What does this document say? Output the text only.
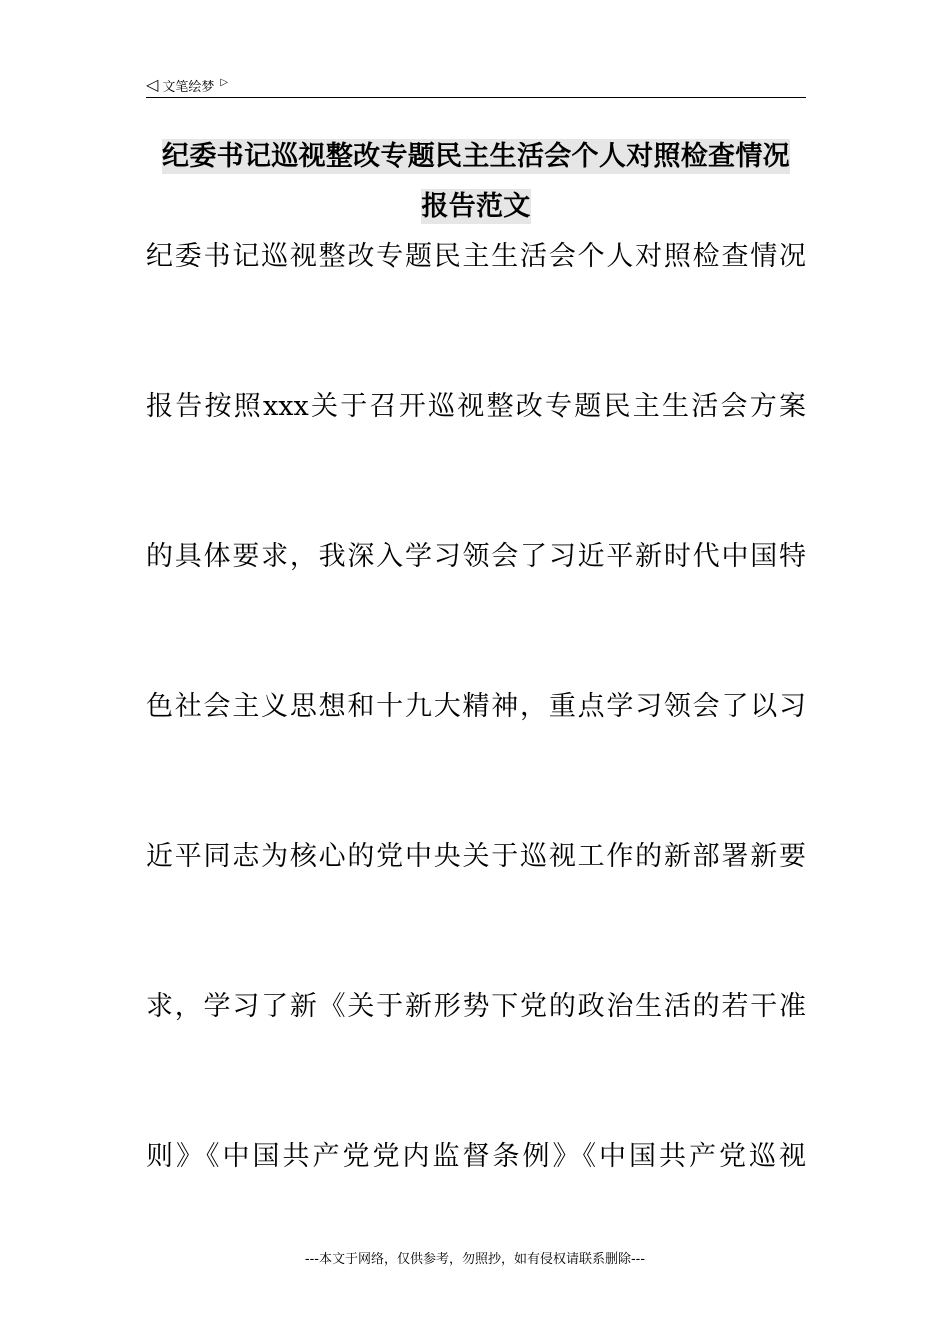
◁ 文笔绘梦 ▷
纪委书记巡视整改专题民主生活会个人对照检查情况
报告范文
纪委书记巡视整改专题民主生活会个人对照检查情况
报告按照xxx关于召开巡视整改专题民主生活会方案
的具体要求，我深入学习领会了习近平新时代中国特
色社会主义思想和十九大精神，重点学习领会了以习
近平同志为核心的党中央关于巡视工作的新部署新要
求，学习了新《关于新形势下党的政治生活的若干准
则》《中国共产党党内监督条例》《中国共产党巡视
---本文于网络，仅供参考，勿照抄，如有侵权请联系删除---
